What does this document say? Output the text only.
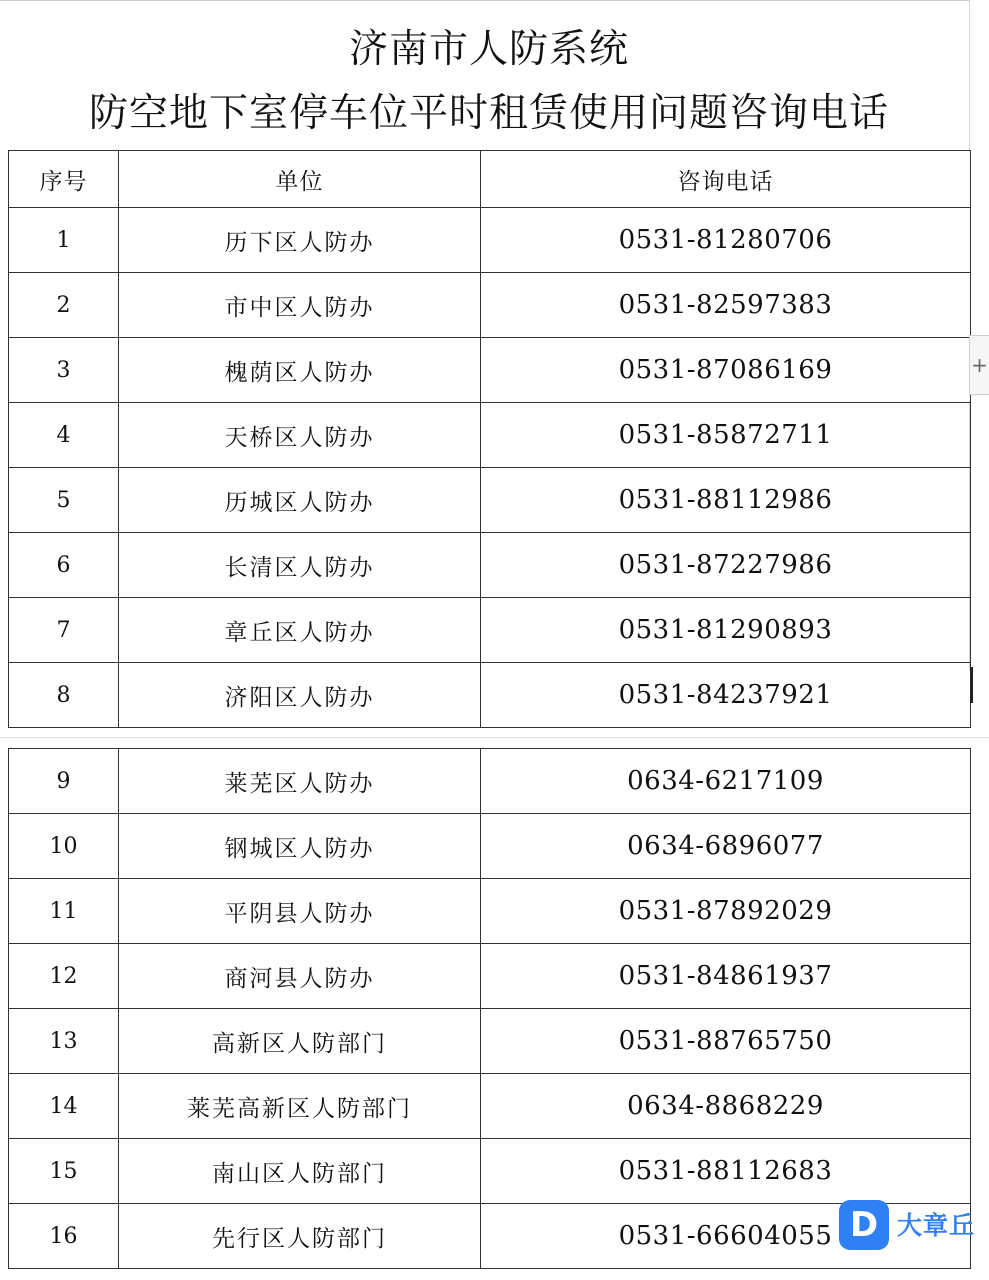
济南市人防系统
防空地下室停车位平时租赁使用问题咨询电话
序号	单位	咨询电话
1	历下区人防办	0531-81280706
2	市中区人防办	0531-82597383
3	槐荫区人防办	0531-87086169
4	天桥区人防办	0531-85872711
5	历城区人防办	0531-88112986
6	长清区人防办	0531-87227986
7	章丘区人防办	0531-81290893
8	济阳区人防办	0531-84237921
9	莱芜区人防办	0634-6217109
10	钢城区人防办	0634-6896077
11	平阴县人防办	0531-87892029
12	商河县人防办	0531-84861937
13	高新区人防部门	0531-88765750
14	莱芜高新区人防部门	0634-8868229
15	南山区人防部门	0531-88112683
16	先行区人防部门	0531-66604055
+
D 大章丘
